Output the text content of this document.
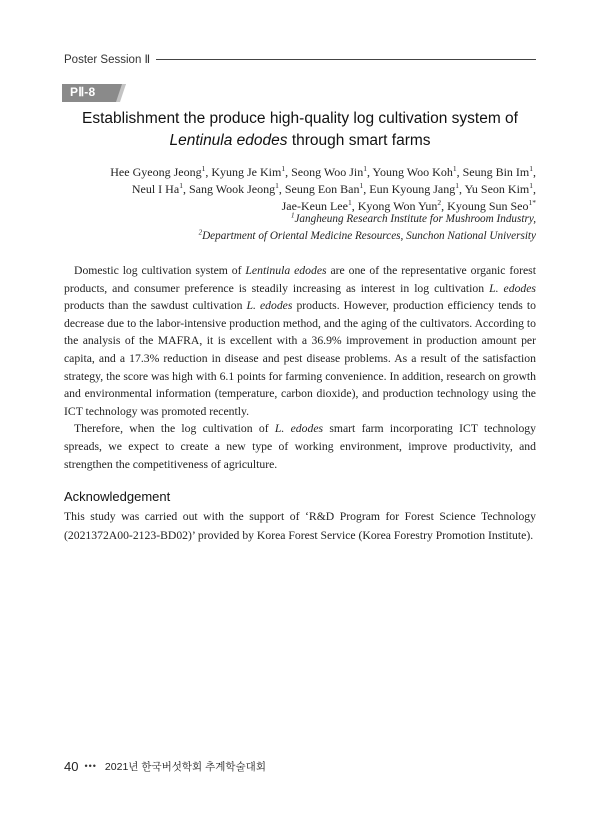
Poster Session Ⅱ
PⅡ-8
Establishment the produce high-quality log cultivation system of
Lentinula edodes through smart farms
Hee Gyeong Jeong$^1$, Kyung Je Kim$^1$, Seong Woo Jin$^1$, Young Woo Koh$^1$, Seung Bin Im$^1$,
Neul I Ha$^1$, Sang Wook Jeong$^1$, Seung Eon Ban$^1$, Eun Kyoung Jang$^1$, Yu Seon Kim$^1$,
Jae-Keun Lee$^1$, Kyong Won Yun$^2$, Kyoung Sun Seo$^{1*}$
$^1$Jangheung Research Institute for Mushroom Industry,
$^2$Department of Oriental Medicine Resources, Sunchon National University

Domestic log cultivation system of Lentinula edodes are one of the representative organic forest products, and consumer preference is steadily increasing as interest in log cultivation L. edodes products than the sawdust cultivation L. edodes products. However, production efficiency tends to decrease due to the labor-intensive production method, and the aging of the cultivators. According to the analysis of the MAFRA, it is excellent with a 36.9% improvement in production amount per capita, and a 17.3% reduction in disease and pest disease problems. As a result of the satisfaction strategy, the score was high with 6.1 points for farming convenience. In addition, research on growth and environmental information (temperature, carbon dioxide), and production technology using the ICT technology was promoted recently.

Therefore, when the log cultivation of L. edodes smart farm incorporating ICT technology spreads, we expect to create a new type of working environment, improve productivity, and strengthen the competitiveness of agriculture.

Acknowledgement
This study was carried out with the support of ‘R&D Program for Forest Science Technology (2021372A00-2123-BD02)’ provided by Korea Forest Service (Korea Forestry Promotion Institute).
40 ••• 2021년 한국버섯학회 추계학술대회
